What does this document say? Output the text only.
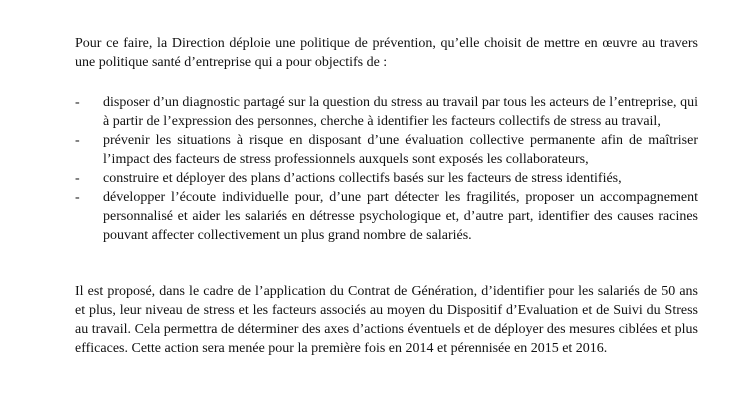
Pour ce faire, la Direction déploie une politique de prévention, qu’elle choisit de mettre en œuvre au travers une politique santé d’entreprise qui a pour objectifs de :

- disposer d’un diagnostic partagé sur la question du stress au travail par tous les acteurs de l’entreprise, qui à partir de l’expression des personnes, cherche à identifier les facteurs collectifs de stress au travail,
- prévenir les situations à risque en disposant d’une évaluation collective permanente afin de maîtriser l’impact des facteurs de stress professionnels auxquels sont exposés les collaborateurs,
- construire et déployer des plans d’actions collectifs basés sur les facteurs de stress identifiés,
- développer l’écoute individuelle pour, d’une part détecter les fragilités, proposer un accompagnement personnalisé et aider les salariés en détresse psychologique et, d’autre part, identifier des causes racines pouvant affecter collectivement un plus grand nombre de salariés.

Il est proposé, dans le cadre de l’application du Contrat de Génération, d’identifier pour les salariés de 50 ans et plus, leur niveau de stress et les facteurs associés au moyen du Dispositif d’Evaluation et de Suivi du Stress au travail. Cela permettra de déterminer des axes d’actions éventuels et de déployer des mesures ciblées et plus efficaces. Cette action sera menée pour la première fois en 2014 et pérennisée en 2015 et 2016.
